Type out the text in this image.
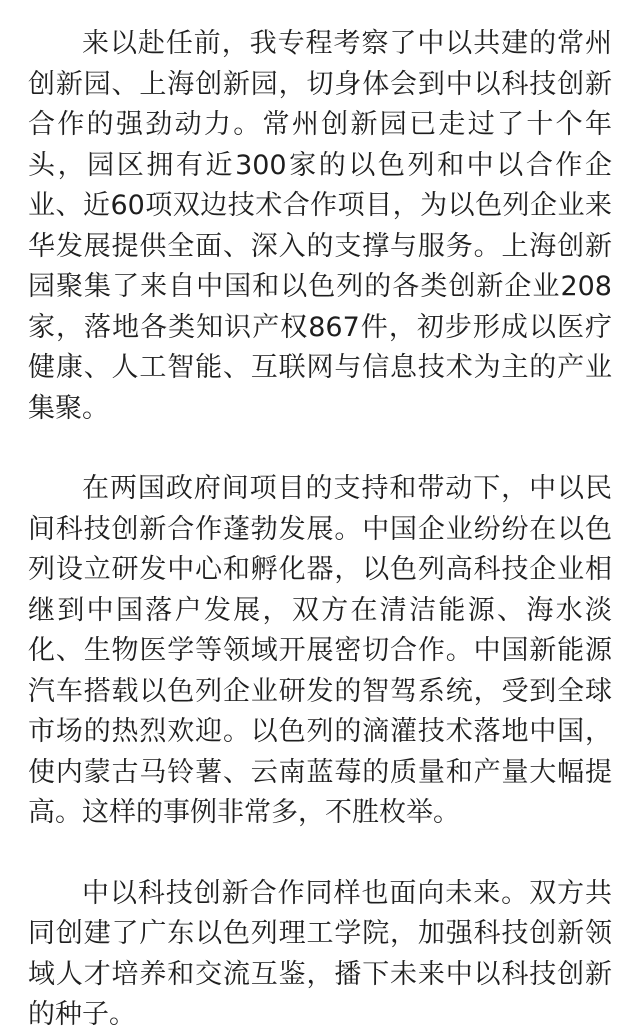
来以赴任前，我专程考察了中以共建的常州创新园、上海创新园，切身体会到中以科技创新合作的强劲动力。常州创新园已走过了十个年头，园区拥有近300家的以色列和中以合作企业、近60项双边技术合作项目，为以色列企业来华发展提供全面、深入的支撑与服务。上海创新园聚集了来自中国和以色列的各类创新企业208家，落地各类知识产权867件，初步形成以医疗健康、人工智能、互联网与信息技术为主的产业集聚。

在两国政府间项目的支持和带动下，中以民间科技创新合作蓬勃发展。中国企业纷纷在以色列设立研发中心和孵化器，以色列高科技企业相继到中国落户发展，双方在清洁能源、海水淡化、生物医学等领域开展密切合作。中国新能源汽车搭载以色列企业研发的智驾系统，受到全球市场的热烈欢迎。以色列的滴灌技术落地中国，使内蒙古马铃薯、云南蓝莓的质量和产量大幅提高。这样的事例非常多，不胜枚举。

中以科技创新合作同样也面向未来。双方共同创建了广东以色列理工学院，加强科技创新领域人才培养和交流互鉴，播下未来中以科技创新的种子。
